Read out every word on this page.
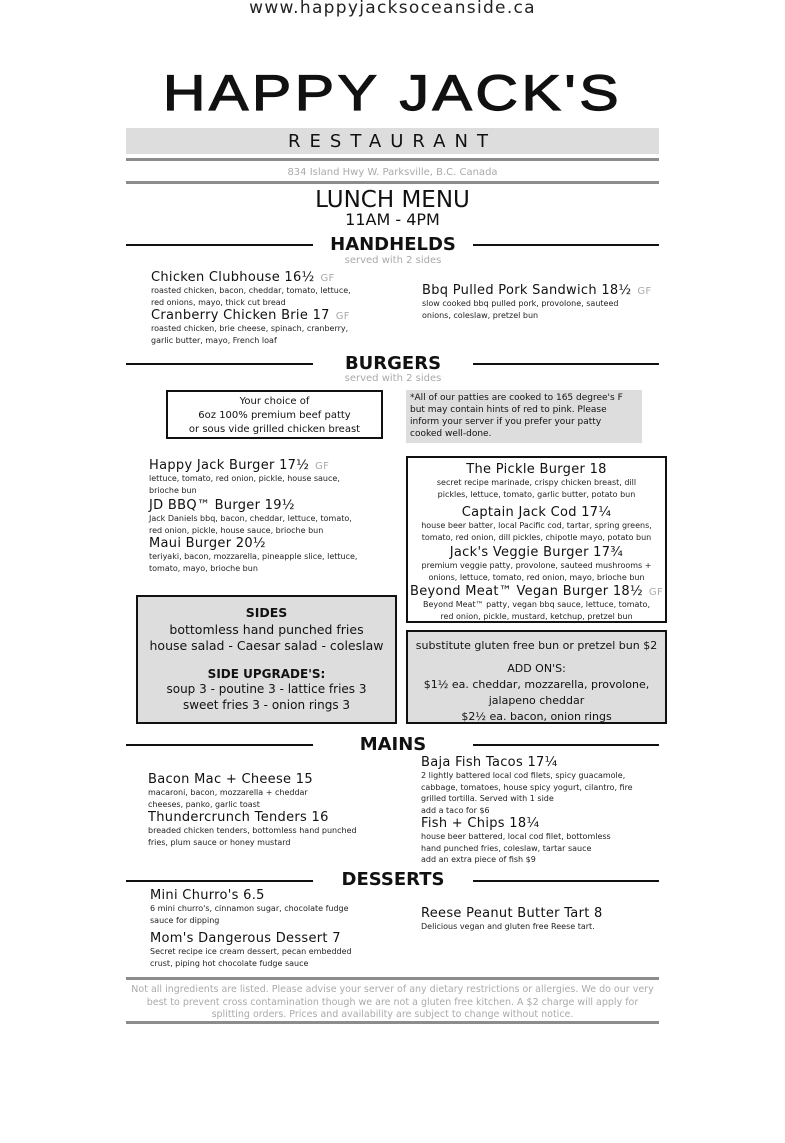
www.happyjacksoceanside.ca
HAPPY JACK'S
RESTAURANT
834 Island Hwy W. Parksville, B.C. Canada
LUNCH MENU
11AM - 4PM
HANDHELDS
served with 2 sides
Chicken Clubhouse 16½ GF
roasted chicken, bacon, cheddar, tomato, lettuce,
red onions, mayo, thick cut bread
Cranberry Chicken Brie 17 GF
roasted chicken, brie cheese, spinach, cranberry,
garlic butter, mayo, French loaf
Bbq Pulled Pork Sandwich 18½ GF
slow cooked bbq pulled pork, provolone, sauteed
onions, coleslaw, pretzel bun
BURGERS
served with 2 sides
Your choice of
6oz 100% premium beef patty
or sous vide grilled chicken breast
*All of our patties are cooked to 165 degree's F
but may contain hints of red to pink. Please
inform your server if you prefer your patty
cooked well-done.
Happy Jack Burger 17½ GF
lettuce, tomato, red onion, pickle, house sauce,
brioche bun
JD BBQ™ Burger 19½
Jack Daniels bbq, bacon, cheddar, lettuce, tomato,
red onion, pickle, house sauce, brioche bun
Maui Burger 20½
teriyaki, bacon, mozzarella, pineapple slice, lettuce,
tomato, mayo, brioche bun
The Pickle Burger 18
secret recipe marinade, crispy chicken breast, dill
pickles, lettuce, tomato, garlic butter, potato bun
Captain Jack Cod 17¼
house beer batter, local Pacific cod, tartar, spring greens,
tomato, red onion, dill pickles, chipotle mayo, potato bun
Jack's Veggie Burger 17¾
premium veggie patty, provolone, sauteed mushrooms +
onions, lettuce, tomato, red onion, mayo, brioche bun
Beyond Meat™ Vegan Burger 18½ GF
Beyond Meat™ patty, vegan bbq sauce, lettuce, tomato,
red onion, pickle, mustard, ketchup, pretzel bun
SIDES
bottomless hand punched fries
house salad - Caesar salad - coleslaw
SIDE UPGRADE'S:
soup 3 - poutine 3 - lattice fries 3
sweet fries 3 - onion rings 3
substitute gluten free bun or pretzel bun $2
ADD ON'S:
$1½ ea. cheddar, mozzarella, provolone,
jalapeno cheddar
$2½ ea. bacon, onion rings
MAINS
Bacon Mac + Cheese 15
macaroni, bacon, mozzarella + cheddar
cheeses, panko, garlic toast
Thundercrunch Tenders 16
breaded chicken tenders, bottomless hand punched
fries, plum sauce or honey mustard
Baja Fish Tacos 17¼
2 lightly battered local cod filets, spicy guacamole,
cabbage, tomatoes, house spicy yogurt, cilantro, fire
grilled tortilla. Served with 1 side
add a taco for $6
Fish + Chips 18¼
house beer battered, local cod filet, bottomless
hand punched fries, coleslaw, tartar sauce
add an extra piece of fish $9
DESSERTS
Mini Churro's 6.5
6 mini churro's, cinnamon sugar, chocolate fudge
sauce for dipping
Mom's Dangerous Dessert 7
Secret recipe ice cream dessert, pecan embedded
crust, piping hot chocolate fudge sauce
Reese Peanut Butter Tart 8
Delicious vegan and gluten free Reese tart.
Not all ingredients are listed. Please advise your server of any dietary restrictions or allergies. We do our very
best to prevent cross contamination though we are not a gluten free kitchen. A $2 charge will apply for
splitting orders. Prices and availability are subject to change without notice.
